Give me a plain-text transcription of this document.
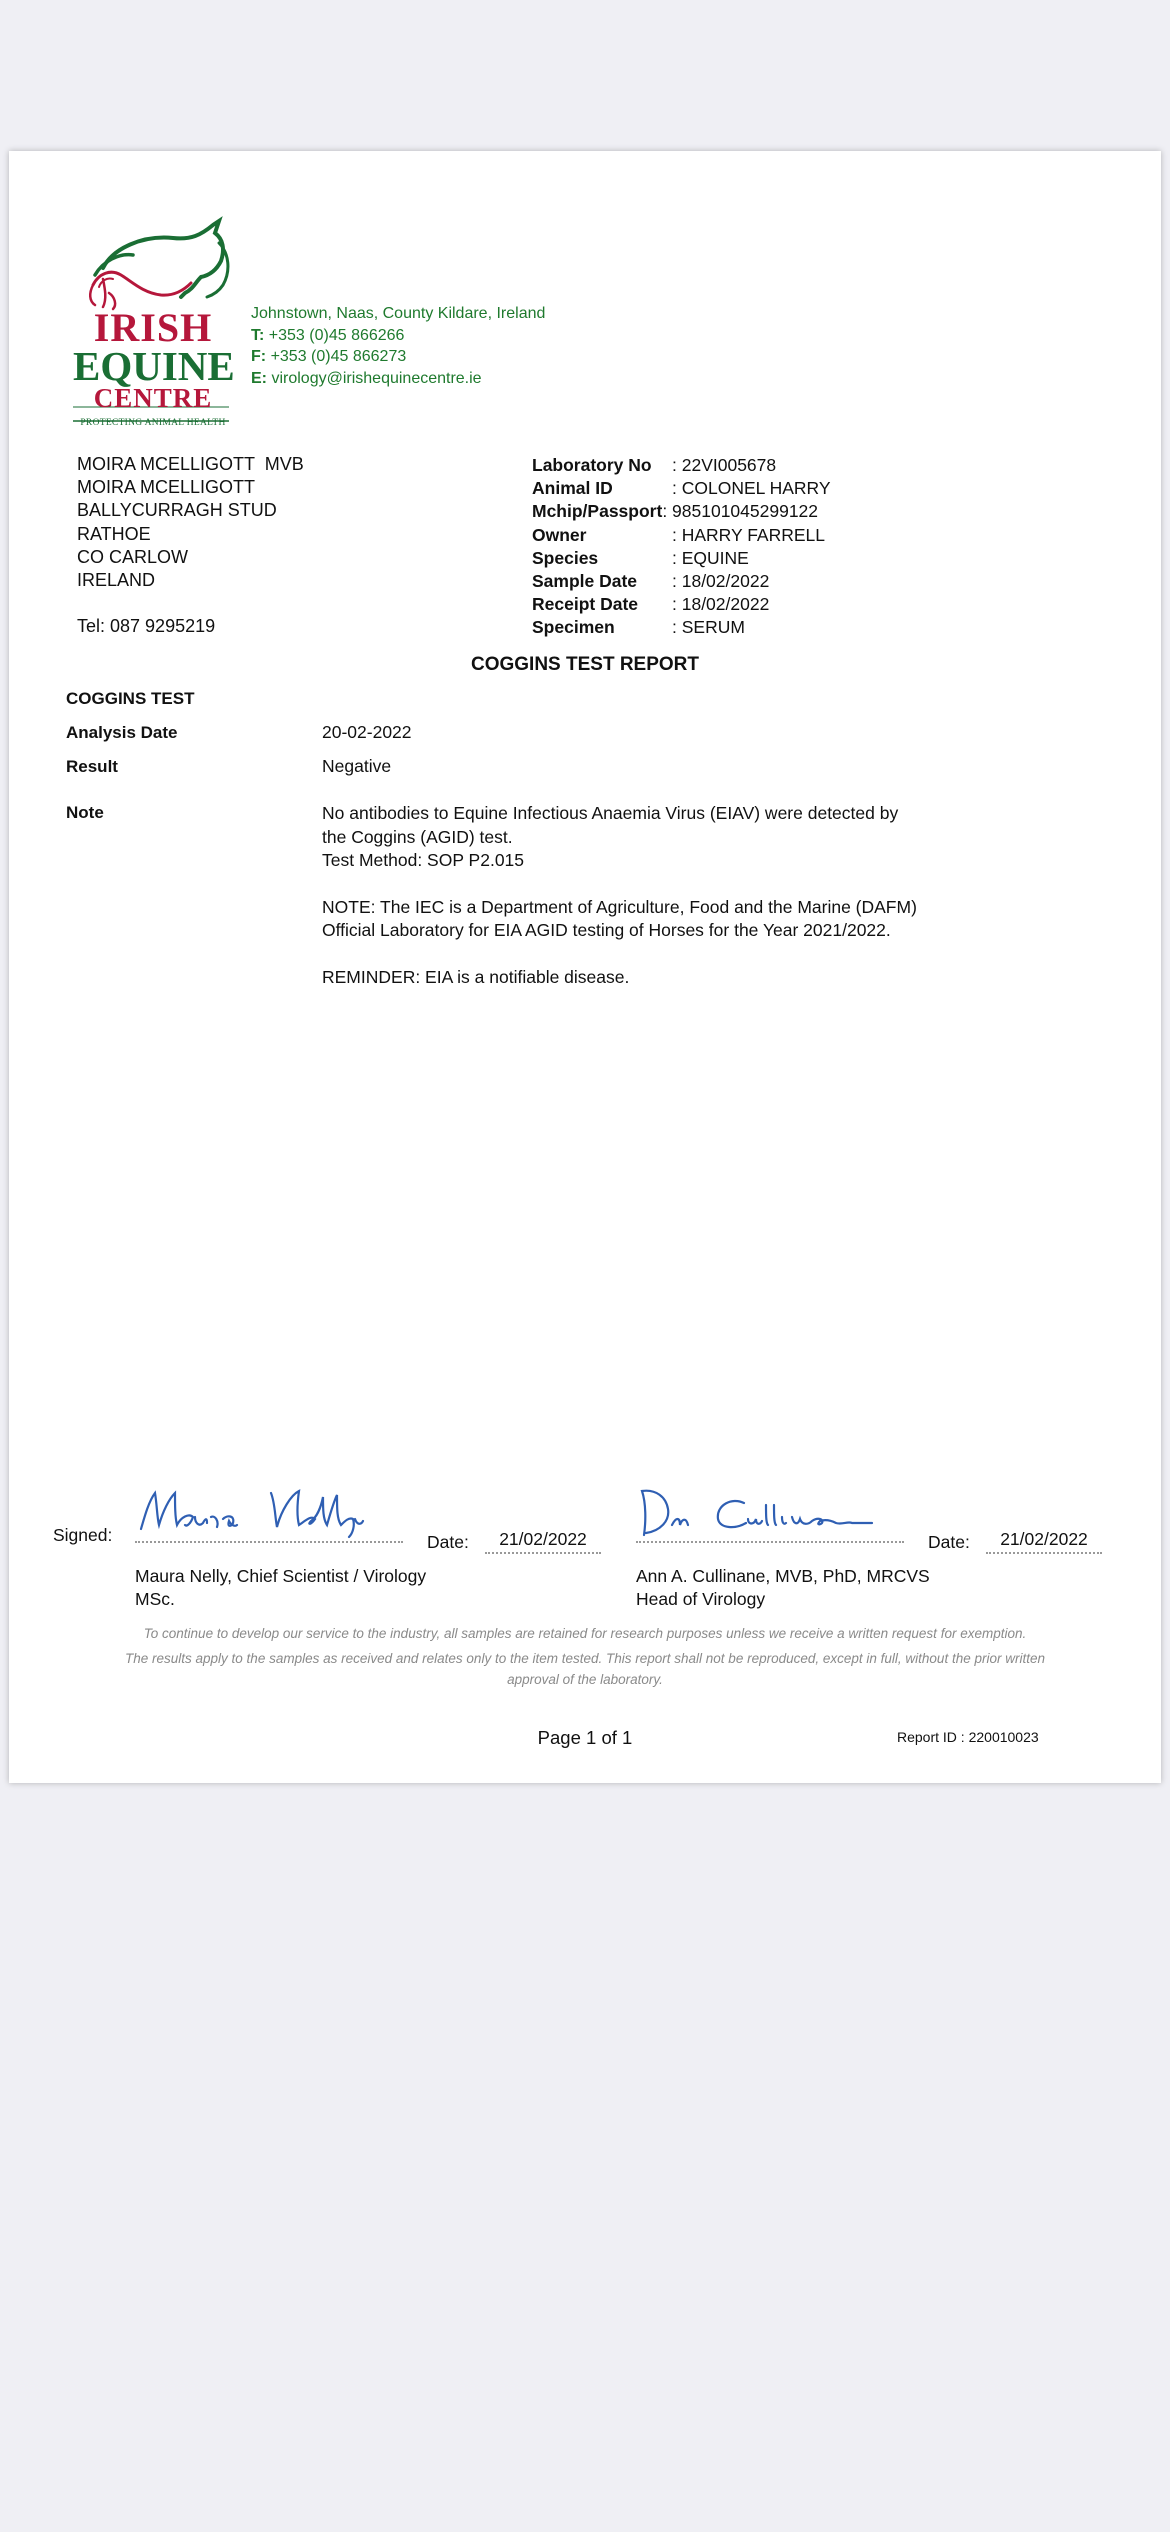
IRISH
EQUINE
CENTRE
PROTECTING ANIMAL HEALTH
Johnstown, Naas, County Kildare, Ireland
T: +353 (0)45 866266
F: +353 (0)45 866273
E: virology@irishequinecentre.ie
MOIRA MCELLIGOTT  MVB
MOIRA MCELLIGOTT
BALLYCURRAGH STUD
RATHOE
CO CARLOW
IRELAND
Tel: 087 9295219
Laboratory No : 22VI005678
Animal ID	: COLONEL HARRY
Mchip/Passport: 985101045299122
Owner	: HARRY FARRELL
Species	: EQUINE
Sample Date : 18/02/2022
Receipt Date : 18/02/2022
Specimen	: SERUM
COGGINS TEST REPORT
COGGINS TEST
Analysis Date	20-02-2022
Result	Negative
Note	No antibodies to Equine Infectious Anaemia Virus (EIAV) were detected by the Coggins (AGID) test.

Test Method: SOP P2.015

NOTE: The IEC is a Department of Agriculture, Food and the Marine (DAFM) Official Laboratory for EIA AGID testing of Horses for the Year 2021/2022.

REMINDER: EIA is a notifiable disease.

Signed:	Date:	21/02/2022
Maura Nelly, Chief Scientist / Virology
MSc.
Date:	21/02/2022
Ann A. Cullinane, MVB, PhD, MRCVS
Head of Virology
To continue to develop our service to the industry, all samples are retained for research purposes unless we receive a written request for exemption.
The results apply to the samples as received and relates only to the item tested. This report shall not be reproduced, except in full, without the prior written approval of the laboratory.
Page 1 of 1	Report ID : 220010023
